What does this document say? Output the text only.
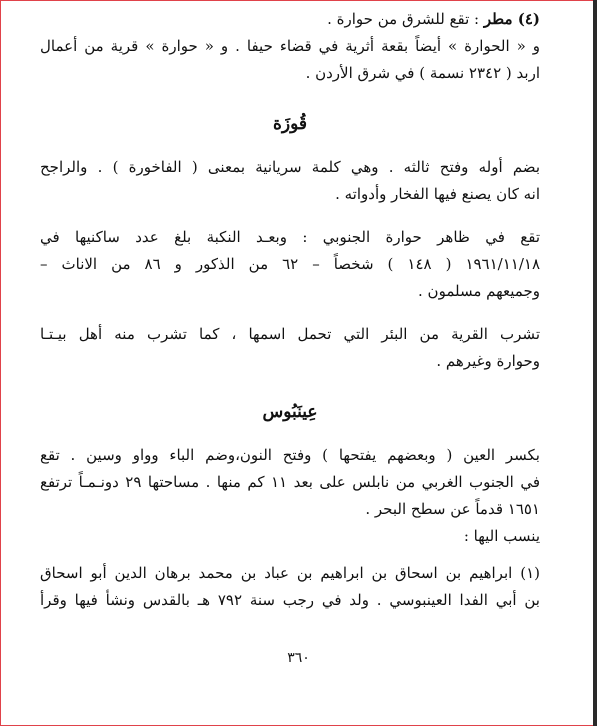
(٤) مطر : تقع للشرق من حوارة .
و « الحوارة » أيضاً بقعة أثرية في قضاء حيفا . و « حوارة » قرية من أعمال
اربد ( ٢٣٤٢ نسمة ) في شرق الأردن .

قُوزَة

بضم أوله وفتح ثالثه . وهي كلمة سريانية بمعنى ( الفاخورة ) . والراجح
انه كان يصنع فيها الفخار وأدواته .

تقع في ظاهر حوارة الجنوبي : وبعـد النكبة بلغ عدد ساكنيها في
١٩٦١/١١/١٨ ( ١٤٨ ) شخصاً – ٦٢ من الذكور و ٨٦ من الاناث –
وجميعهم مسلمون .

تشرب القرية من البئر التي تحمل اسمها ، كما تشرب منه أهل بيـتـا
وحوارة وغيرهم .

عِينَبُوس

بكسر العين ( وبعضهم يفتحها ) وفتح النون،وضم الباء وواو وسين . تقع
في الجنوب الغربي من نابلس على بعد ١١ كم منها . مساحتها ٢٩ دونـمـاً ترتفع
١٦٥١ قدماً عن سطح البحر .

ينسب اليها :

(١) ابراهيم بن اسحاق بن ابراهيم بن عباد بن محمد برهان الدين أبو اسحاق
بن أبي الفدا العينبوسي . ولد في رجب سنة ٧٩٢ هـ بالقدس ونشأ فيها وقرأ

٣٦٠
